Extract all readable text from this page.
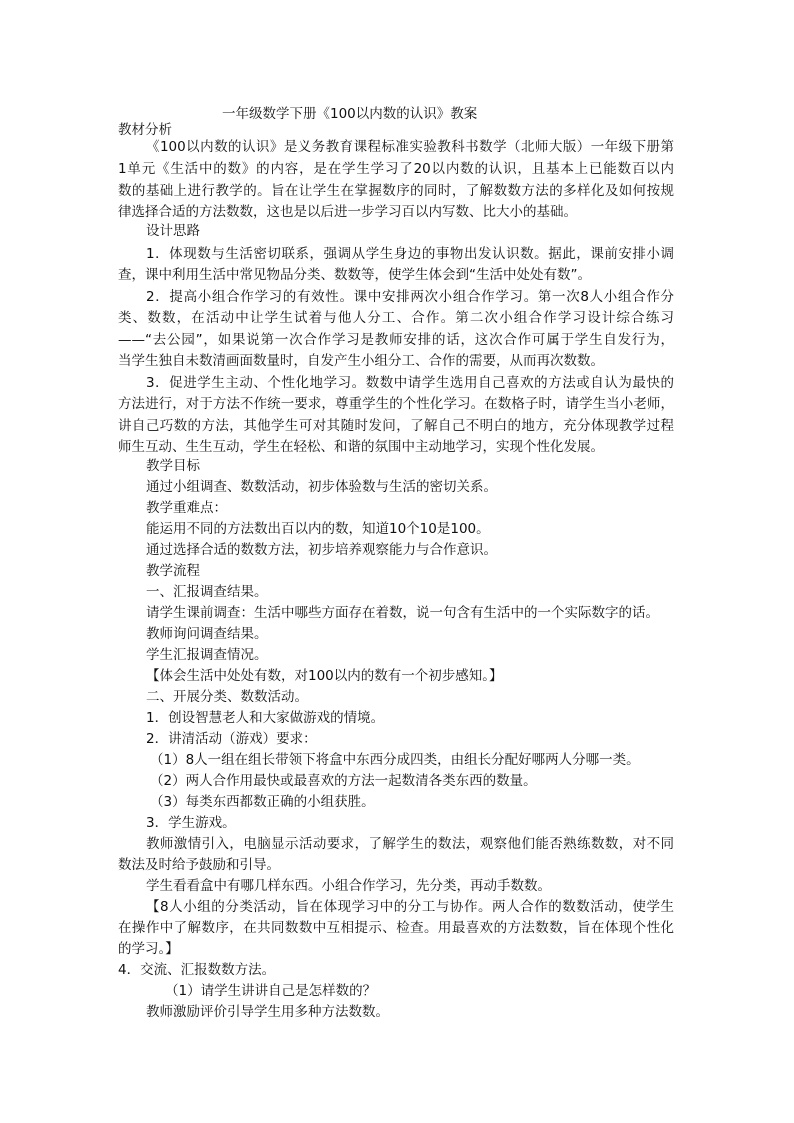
一年级数学下册《100以内数的认识》教案
教材分析
《100以内数的认识》是义务教育课程标准实验教科书数学（北师大版）一年级下册第
1单元《生活中的数》的内容，是在学生学习了20以内数的认识，且基本上已能数百以内
数的基础上进行教学的。旨在让学生在掌握数序的同时，了解数数方法的多样化及如何按规
律选择合适的方法数数，这也是以后进一步学习百以内写数、比大小的基础。
设计思路
1．体现数与生活密切联系，强调从学生身边的事物出发认识数。据此，课前安排小调
查，课中利用生活中常见物品分类、数数等，使学生体会到“生活中处处有数”。
2．提高小组合作学习的有效性。课中安排两次小组合作学习。第一次8人小组合作分
类、数数，在活动中让学生试着与他人分工、合作。第二次小组合作学习设计综合练习
——“去公园”，如果说第一次合作学习是教师安排的话，这次合作可属于学生自发行为，
当学生独自未数清画面数量时，自发产生小组分工、合作的需要，从而再次数数。
3．促进学生主动、个性化地学习。数数中请学生选用自己喜欢的方法或自认为最快的
方法进行，对于方法不作统一要求，尊重学生的个性化学习。在数格子时，请学生当小老师，
讲自己巧数的方法，其他学生可对其随时发问，了解自己不明白的地方，充分体现教学过程
师生互动、生生互动，学生在轻松、和谐的氛围中主动地学习，实现个性化发展。
教学目标
通过小组调查、数数活动，初步体验数与生活的密切关系。
教学重难点：
能运用不同的方法数出百以内的数，知道10个10是100。
通过选择合适的数数方法，初步培养观察能力与合作意识。
教学流程
一、汇报调查结果。
请学生课前调查：生活中哪些方面存在着数，说一句含有生活中的一个实际数字的话。
教师询问调查结果。
学生汇报调查情况。
【体会生活中处处有数，对100以内的数有一个初步感知。】
二、开展分类、数数活动。
1．创设智慧老人和大家做游戏的情境。
2．讲清活动（游戏）要求：
（1）8人一组在组长带领下将盒中东西分成四类，由组长分配好哪两人分哪一类。
（2）两人合作用最快或最喜欢的方法一起数清各类东西的数量。
（3）每类东西都数正确的小组获胜。
3．学生游戏。
教师激情引入，电脑显示活动要求，了解学生的数法，观察他们能否熟练数数，对不同
数法及时给予鼓励和引导。
学生看看盒中有哪几样东西。小组合作学习，先分类，再动手数数。
【8人小组的分类活动，旨在体现学习中的分工与协作。两人合作的数数活动，使学生
在操作中了解数序，在共同数数中互相提示、检查。用最喜欢的方法数数，旨在体现个性化
的学习。】
4．交流、汇报数数方法。
（1）请学生讲讲自己是怎样数的？
教师激励评价引导学生用多种方法数数。
